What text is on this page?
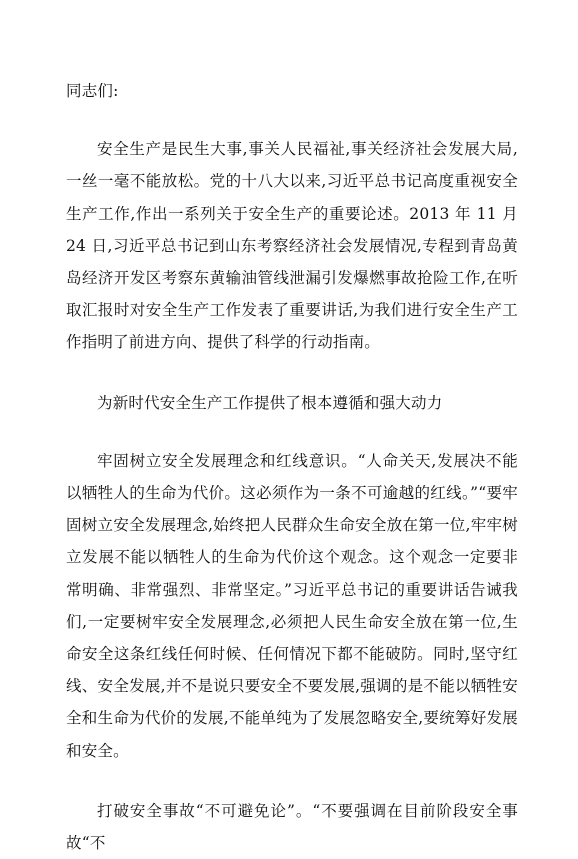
同志们:

安全生产是民生大事,事关人民福祉,事关经济社会发展大局,一丝一毫不能放松。党的十八大以来,习近平总书记高度重视安全生产工作,作出一系列关于安全生产的重要论述。2013 年 11 月 24 日,习近平总书记到山东考察经济社会发展情况,专程到青岛黄岛经济开发区考察东黄输油管线泄漏引发爆燃事故抢险工作,在听取汇报时对安全生产工作发表了重要讲话,为我们进行安全生产工作指明了前进方向、提供了科学的行动指南。

为新时代安全生产工作提供了根本遵循和强大动力

牢固树立安全发展理念和红线意识。“人命关天,发展决不能以牺牲人的生命为代价。这必须作为一条不可逾越的红线。”“要牢固树立安全发展理念,始终把人民群众生命安全放在第一位,牢牢树立发展不能以牺牲人的生命为代价这个观念。这个观念一定要非常明确、非常强烈、非常坚定。”习近平总书记的重要讲话告诫我们,一定要树牢安全发展理念,必须把人民生命安全放在第一位,生命安全这条红线任何时候、任何情况下都不能破防。同时,坚守红线、安全发展,并不是说只要安全不要发展,强调的是不能以牺牲安全和生命为代价的发展,不能单纯为了发展忽略安全,要统筹好发展和安全。

打破安全事故“不可避免论”。“不要强调在目前阶段安全事故“不
